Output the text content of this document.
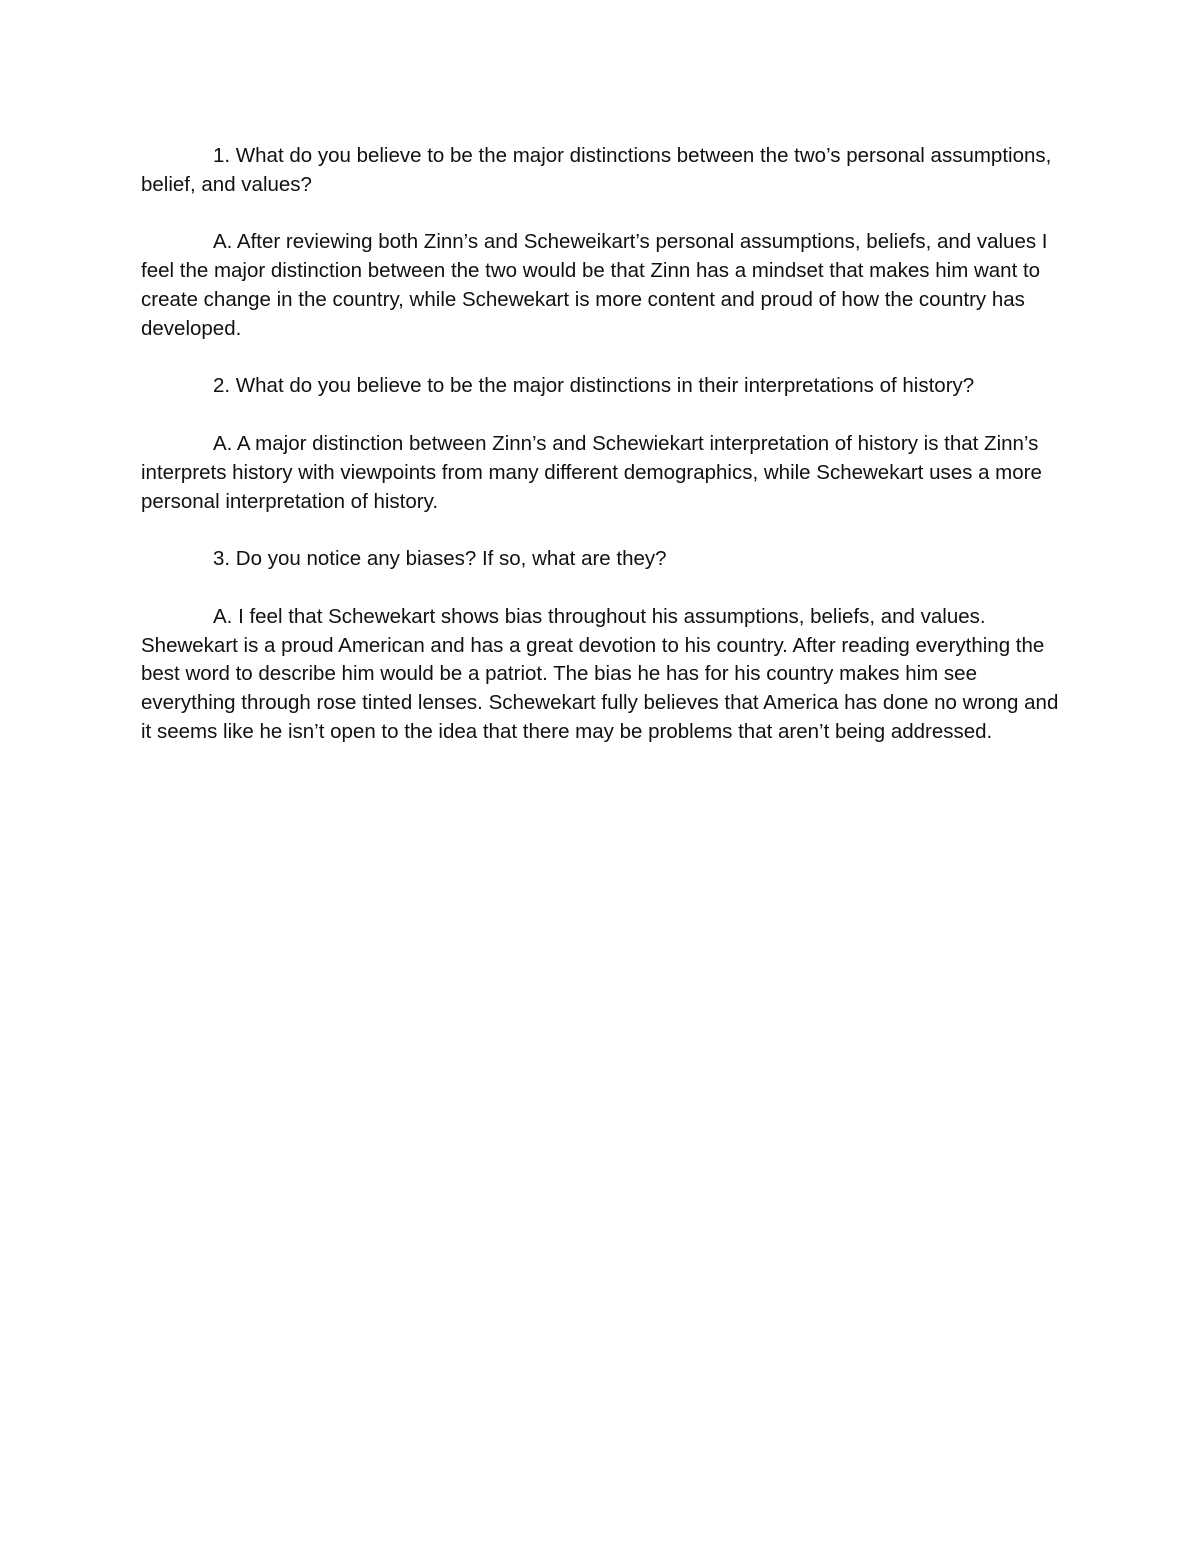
1. What do you believe to be the major distinctions between the two’s personal assumptions, belief, and values?

A. After reviewing both Zinn’s and Scheweikart’s personal assumptions, beliefs, and values I feel the major distinction between the two would be that Zinn has a mindset that makes him want to create change in the country, while Schewekart is more content and proud of how the country has developed.

2. What do you believe to be the major distinctions in their interpretations of history?

A. A major distinction between Zinn’s and Schewiekart interpretation of history is that Zinn’s interprets history with viewpoints from many different demographics, while Schewekart uses a more personal interpretation of history.

3. Do you notice any biases? If so, what are they?

A. I feel that Schewekart shows bias throughout his assumptions, beliefs, and values. Shewekart is a proud American and has a great devotion to his country. After reading everything the best word to describe him would be a patriot. The bias he has for his country makes him see everything through rose tinted lenses. Schewekart fully believes that America has done no wrong and it seems like he isn’t open to the idea that there may be problems that aren’t being addressed.
